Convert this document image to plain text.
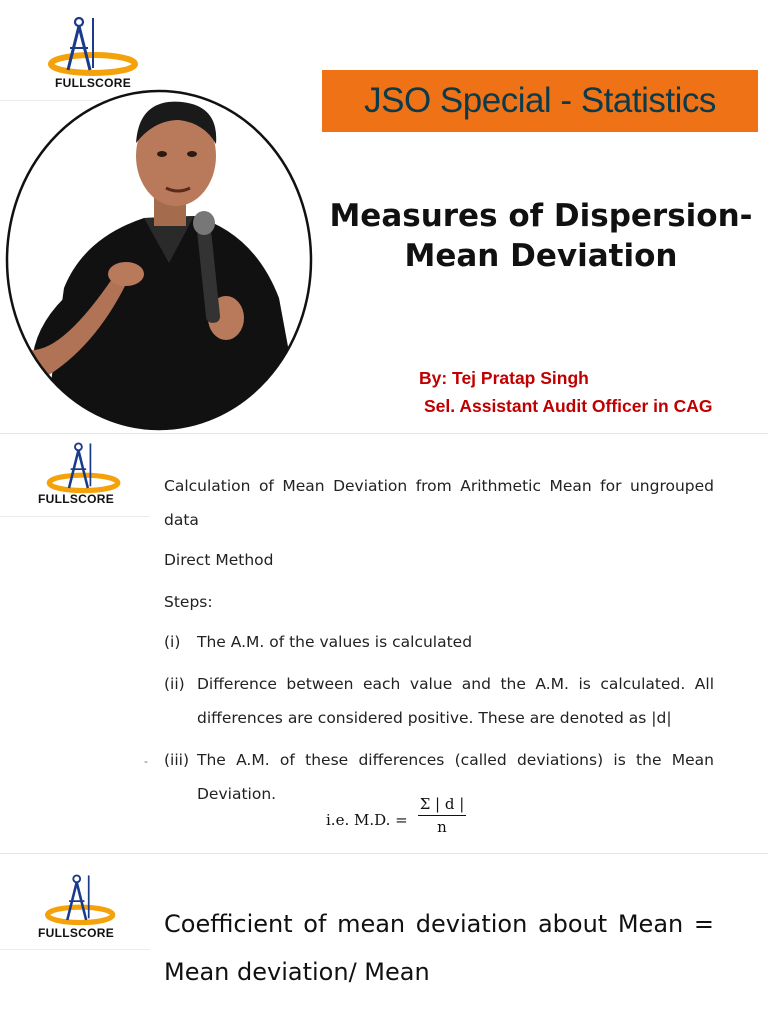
FULLSCORE	JSO Special - Statistics
Measures of Dispersion-
Mean Deviation
By: Tej Pratap Singh
Sel. Assistant Audit Officer in CAG
FULLSCORE
Calculation of Mean Deviation from Arithmetic Mean for ungrouped data
Direct Method
Steps:
(i) The A.M. of the values is calculated
(ii) Difference between each value and the A.M. is calculated. All differences are considered positive. These are denoted as |d|
- (iii) The A.M. of these differences (called deviations) is the Mean Deviation.
i.e. M.D. =
Σ | d |
n
FULLSCORE Coefficient of mean deviation about Mean = Mean deviation/ Mean
